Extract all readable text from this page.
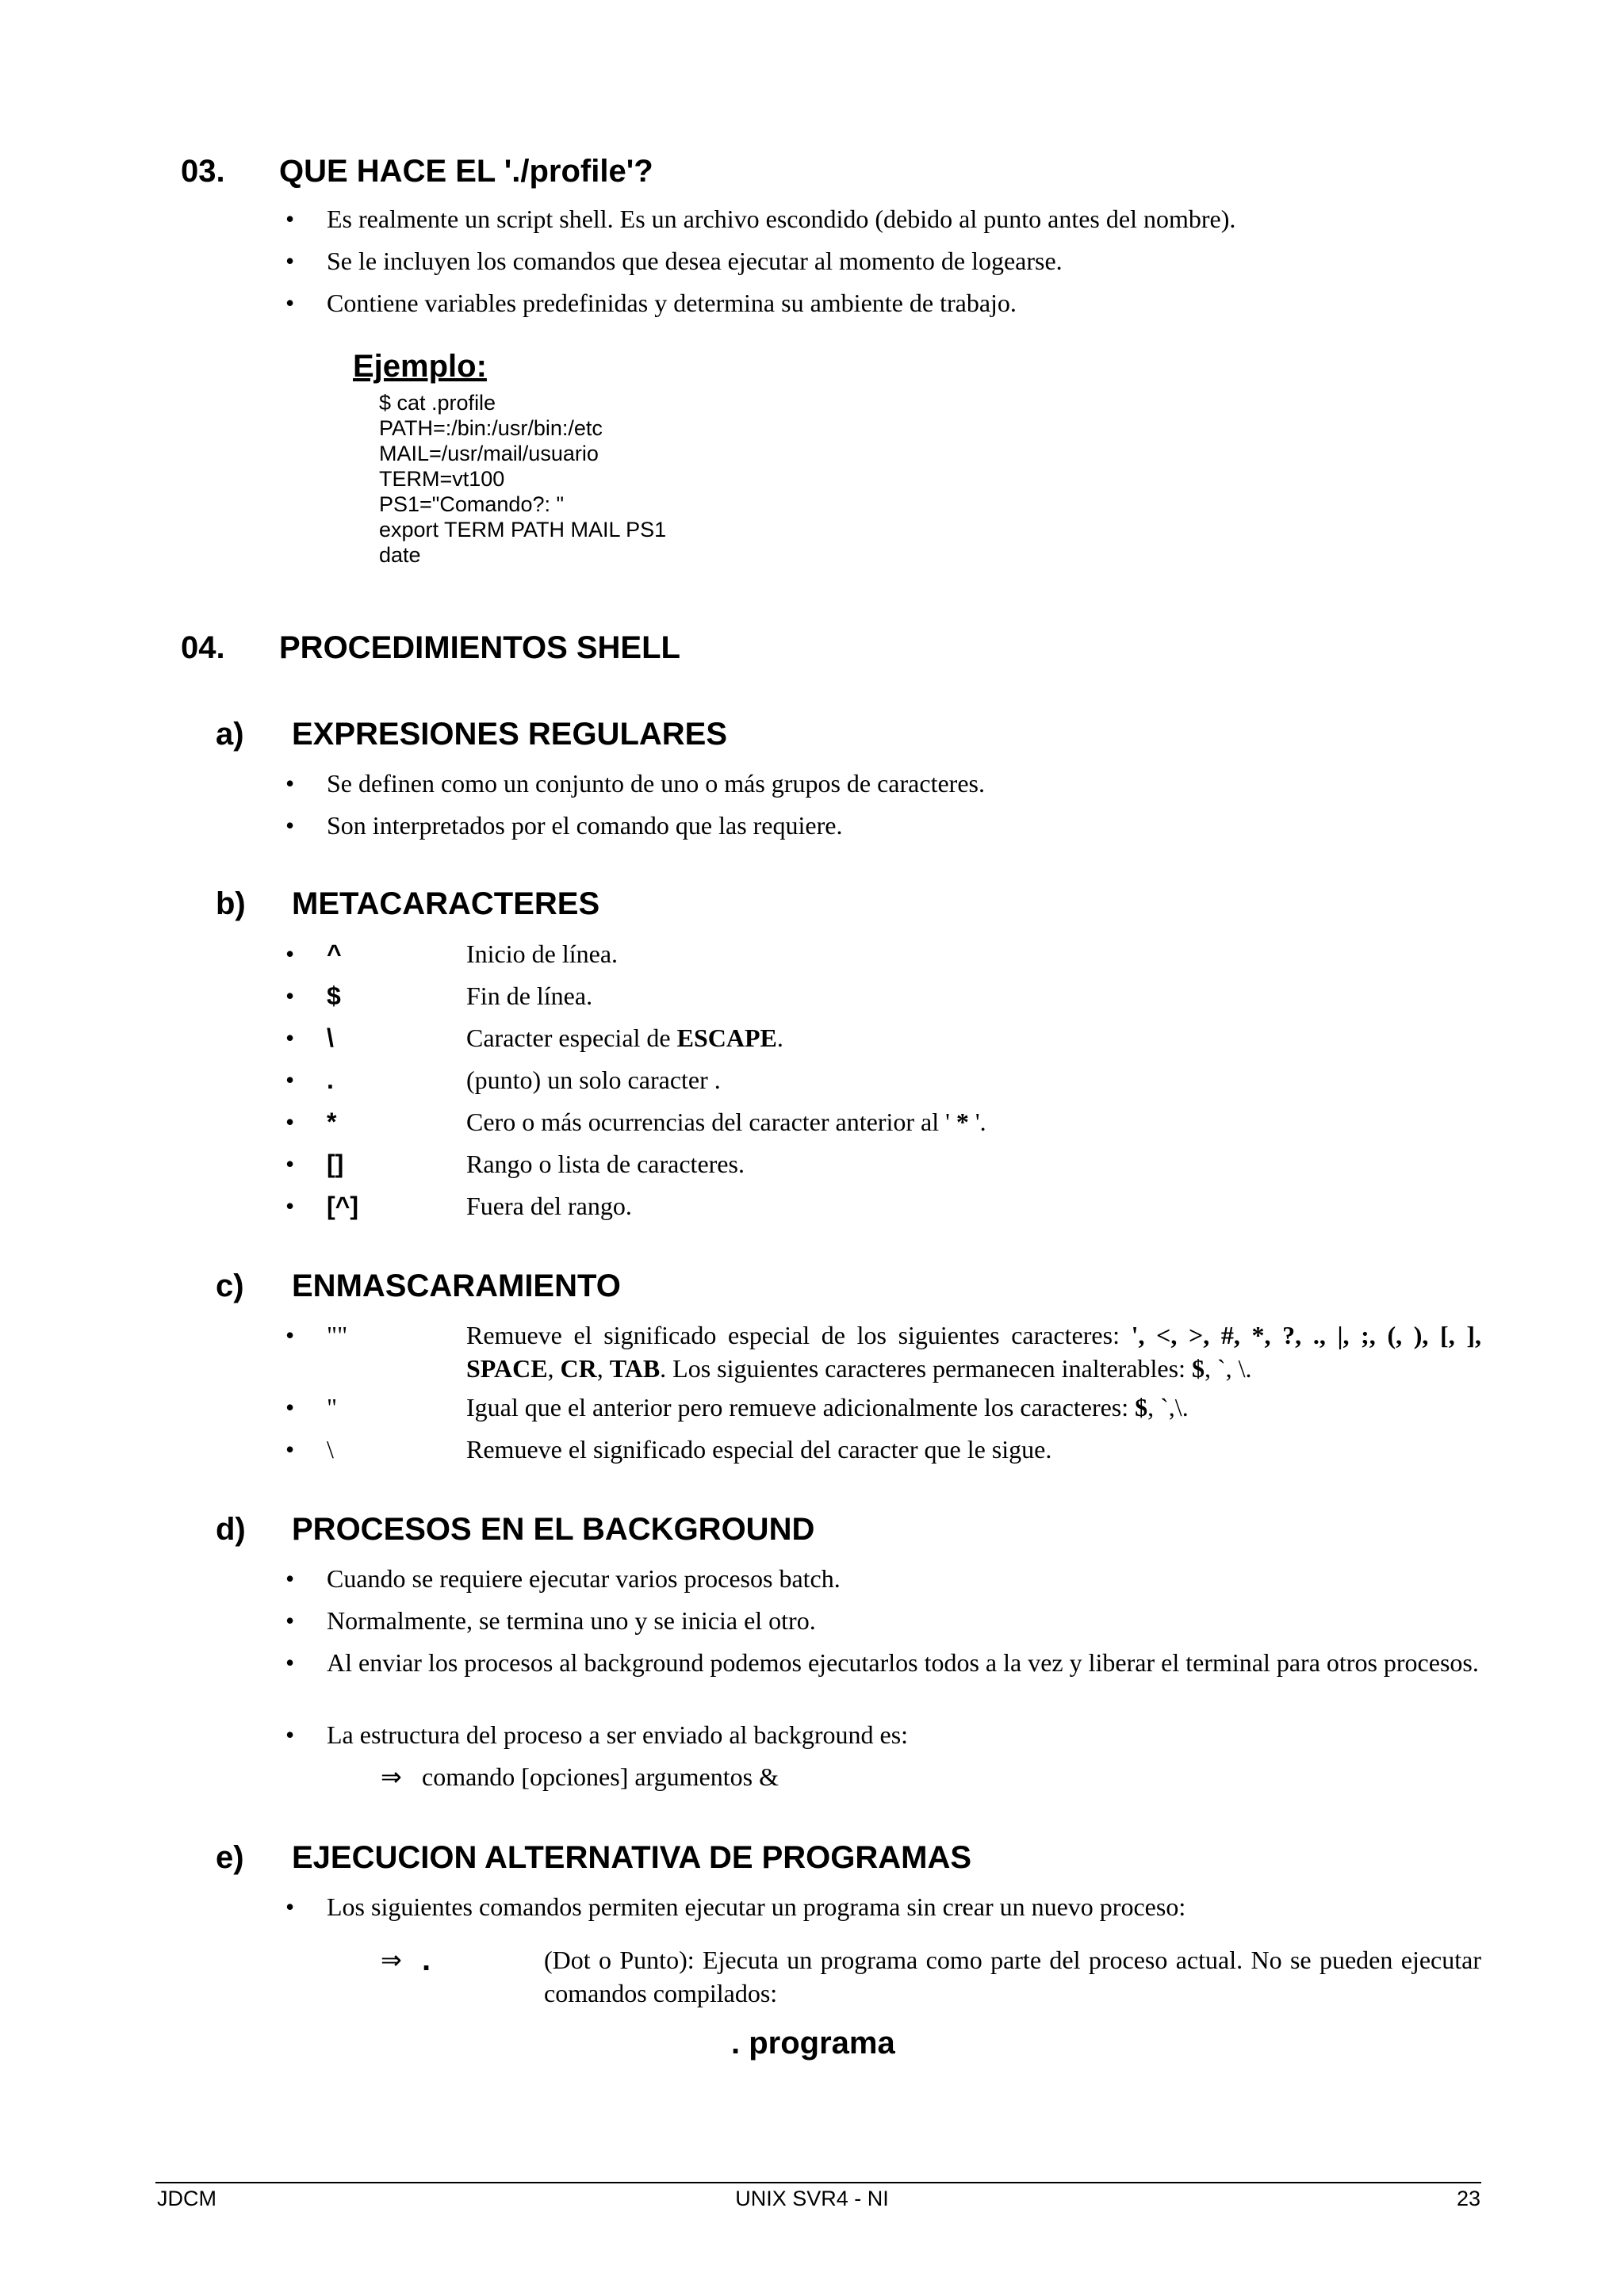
03. QUE HACE EL './profile'?
• Es realmente un script shell. Es un archivo escondido (debido al punto antes del nombre).
• Se le incluyen los comandos que desea ejecutar al momento de logearse.
• Contiene variables predefinidas y determina su ambiente de trabajo.
Ejemplo:
$ cat .profile
PATH=:/bin:/usr/bin:/etc
MAIL=/usr/mail/usuario
TERM=vt100
PS1="Comando?: "
export TERM PATH MAIL PS1
date
04. PROCEDIMIENTOS SHELL
a) EXPRESIONES REGULARES
• Se definen como un conjunto de uno o más grupos de caracteres.
• Son interpretados por el comando que las requiere.
b) METACARACTERES
• ^	Inicio de línea.
• $	Fin de línea.
• \	Caracter especial de ESCAPE.
• .	(punto) un solo caracter .
• *	Cero o más ocurrencias del caracter anterior al ' * '.
• []	Rango o lista de caracteres.
• [^]	Fuera del rango.
c) ENMASCARAMIENTO
• ""	Remueve el significado especial de los siguientes caracteres: ', <, >, #, *, ?, ., |, ;, (, ), [, ],
SPACE, CR, TAB. Los siguientes caracteres permanecen inalterables: $, `, \.
• "	Igual que el anterior pero remueve adicionalmente los caracteres: $, `,\.
• \	Remueve el significado especial del caracter que le sigue.
d) PROCESOS EN EL BACKGROUND
• Cuando se requiere ejecutar varios procesos batch.
• Normalmente, se termina uno y se inicia el otro.
• Al enviar los procesos al background podemos ejecutarlos todos a la vez y liberar el terminal para otros procesos.
• La estructura del proceso a ser enviado al background es:
⇒ comando [opciones] argumentos &
e) EJECUCION ALTERNATIVA DE PROGRAMAS
• Los siguientes comandos permiten ejecutar un programa sin crear un nuevo proceso:
⇒ .	(Dot o Punto): Ejecuta un programa como parte del proceso actual. No se pueden ejecutar comandos compilados:
. programa
JDCM	UNIX SVR4 - NI	23
